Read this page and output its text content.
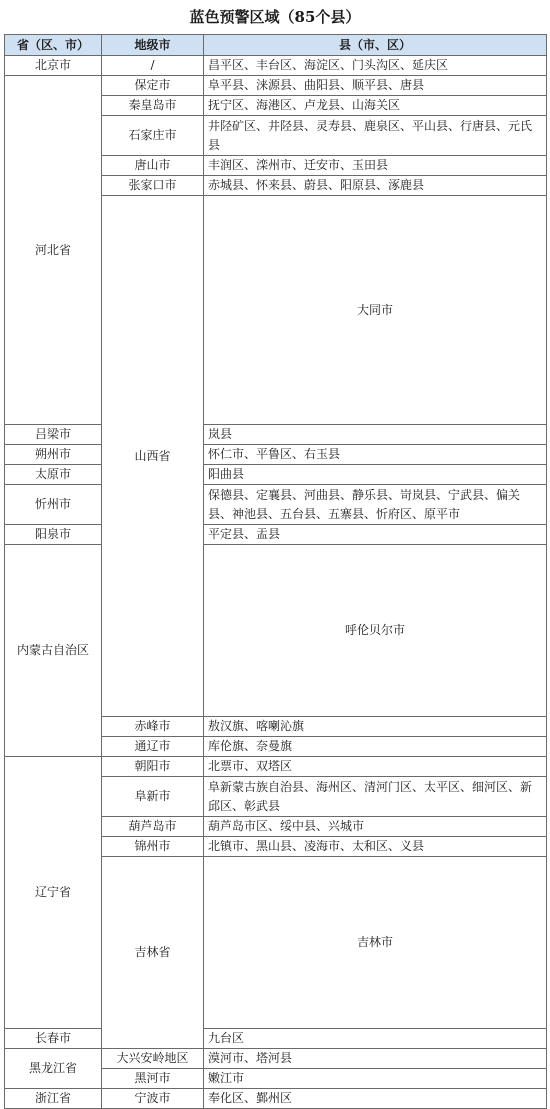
蓝色预警区域（85个县）
省（区、市）	地级市	县（市、区）	
北京市	/	昌平区、丰台区、海淀区、门头沟区、延庆区	
河北省	保定市	阜平县、涞源县、曲阳县、顺平县、唐县	
	秦皇岛市	抚宁区、海港区、卢龙县、山海关区	
	石家庄市	井陉矿区、井陉县、灵寿县、鹿泉区、平山县、行唐县、元氏县	
	唐山市	丰润区、滦州市、迁安市、玉田县	
	张家口市	赤城县、怀来县、蔚县、阳原县、涿鹿县	
	山西省	大同市	
吕梁市		岚县	
朔州市		怀仁市、平鲁区、右玉县	
太原市		阳曲县	
忻州市		保德县、定襄县、河曲县、静乐县、岢岚县、宁武县、偏关县、神池县、五台县、五寨县、忻府区、原平市	
阳泉市		平定县、盂县	
内蒙古自治区		呼伦贝尔市	
	赤峰市	敖汉旗、喀喇沁旗	
	通辽市	库伦旗、奈曼旗	
辽宁省	朝阳市	北票市、双塔区	
	阜新市	阜新蒙古族自治县、海州区、清河门区、太平区、细河区、新邱区、彰武县	
	葫芦岛市	葫芦岛市区、绥中县、兴城市	
	锦州市	北镇市、黑山县、凌海市、太和区、义县	
	吉林省	吉林市	
长春市		九台区	
黑龙江省	大兴安岭地区	漠河市、塔河县	
	黑河市	嫩江市	
浙江省	宁波市	奉化区、鄞州区	
